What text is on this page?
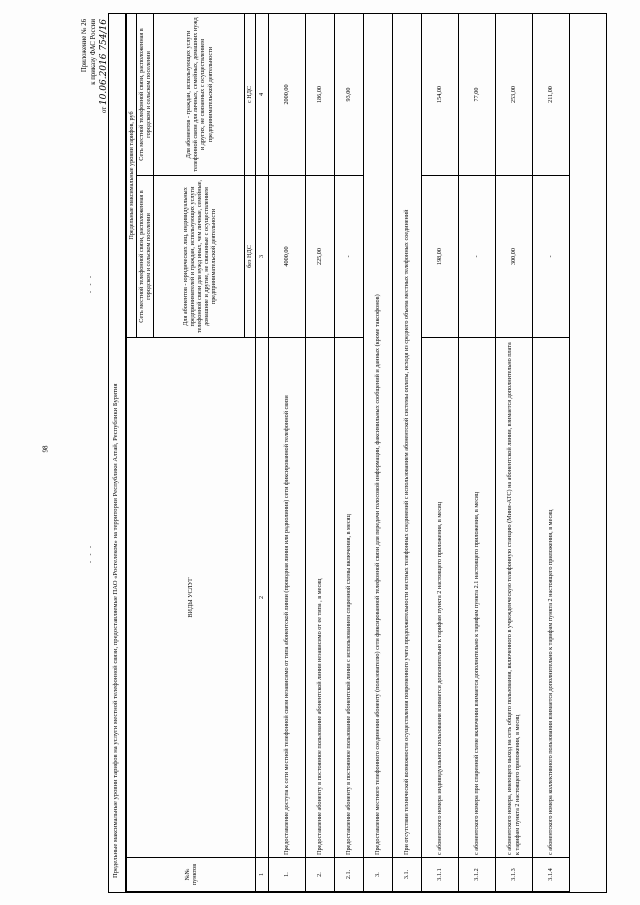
98
- - -
- - -
Приложение № 26 к приказу ФАС России
от 10.06.2016 754/16
Предельные максимальные уровни тарифов на услуги местной телефонной связи, предоставляемые ПАО «Ростелеком» на территории Республики Алтай, Республики Бурятия	№№ пунктов	ВИДЫ УСЛУГ	Предельные максимальные уровни тарифов, руб	
		Сеть местной телефонной связи, расположенная в городском и сельском поселении	Сеть местной телефонной связи, расположенная в городском и сельском поселении
		Для абонентов - юридических лиц, индивидуальных предпринимателей и граждан, использующих услуги телефонной связи для нужд иных, чем личные, семейные, домашние и другие, не связанные с осуществлением предпринимательской деятельности	Для абонентов - граждан, использующих услуги телефонной связи для личных, семейных, домашних нужд и других, не связанных с осуществлением предпринимательской деятельности
		без НДС	с НДС
1	2	3	4
1.	Предоставление доступа к сети местной телефонной связи независимо от типа абонентской линии (проводная линия или радиолиния) сети фиксированной телефонной связи	4000,00	2000,00
2.	Предоставление абоненту в постоянное пользование абонентской линии независимо от ее типа , в месяц	225,00	186,00
2.1.	Предоставление абоненту в постоянное пользование абонентской линии с использованием спаренной схемы включения, в месяц	-	93,00
3.	Предоставление местного телефонного соединения абоненту (пользователю) сети фиксированной телефонной связи для передачи голосовой информации, факсимильных сообщений и данных (кроме таксофонов)		
3.1.	При отсутствии технической возможности осуществления повременного учета продолжительности местных телефонных соединений с использованием абонентской системы оплаты, исходя из среднего объема местных телефонных соединений		
3.1.1	с абонентского номера индивидуального пользования взимается дополнительно к тарифам пункта 2 настоящего приложения, в месяц	198,00	154,00
3.1.2	с абонентского номера при спаренной схеме включения взимается дополнительно к тарифам пункта 2.1 настоящего приложения, в месяц	-	77,00
3.1.3	с абонентского номера, имеющего выход на сеть общего пользования, включенного в учрежденческую телефонную станцию (Мини-АТС) на абонентской линии, взимается дополнительно плата к тарифам пункта 2 настоящего приложения, в месяц	300,00	253,00
3.1.4	с абонентского номера коллективного пользования взимается дополнительно к тарифам пункта 2 настоящего приложения, в месяц	-	211,00
